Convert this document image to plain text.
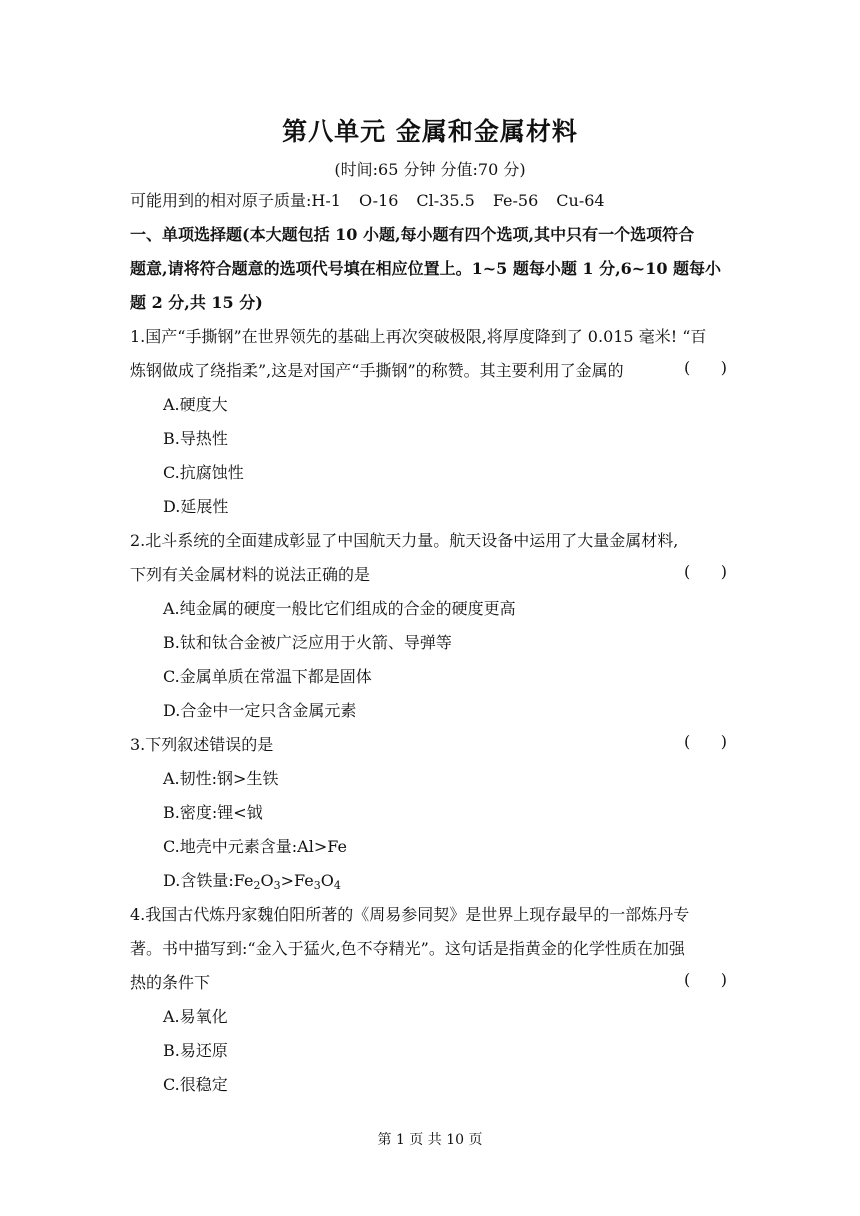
第八单元 金属和金属材料
(时间:65 分钟 分值:70 分)
可能用到的相对原子质量:H-1 O-16 Cl-35.5 Fe-56 Cu-64
一、单项选择题(本大题包括 10 小题,每小题有四个选项,其中只有一个选项符合
题意,请将符合题意的选项代号填在相应位置上。1~5 题每小题 1 分,6~10 题每小
题 2 分,共 15 分)
1.国产“手撕钢”在世界领先的基础上再次突破极限,将厚度降到了 0.015 毫米! “百
炼钢做成了绕指柔”,这是对国产“手撕钢”的称赞。其主要利用了金属的	(      )
A.硬度大
B.导热性
C.抗腐蚀性
D.延展性
2.北斗系统的全面建成彰显了中国航天力量。航天设备中运用了大量金属材料,
下列有关金属材料的说法正确的是	(      )
A.纯金属的硬度一般比它们组成的合金的硬度更高
B.钛和钛合金被广泛应用于火箭、导弹等
C.金属单质在常温下都是固体
D.合金中一定只含金属元素
3.下列叙述错误的是	(      )
A.韧性:钢>生铁
B.密度:锂<钺
C.地壳中元素含量:Al>Fe
D.含铁量$:Fe_2O_3>Fe_3O_4$
4.我国古代炼丹家魏伯阳所著的《周易参同契》是世界上现存最早的一部炼丹专
著。书中描写到:“金入于猛火,色不夺精光”。这句话是指黄金的化学性质在加强
热的条件下	(      )
A.易氧化
B.易还原
C.很稳定
第 1 页 共 10 页
